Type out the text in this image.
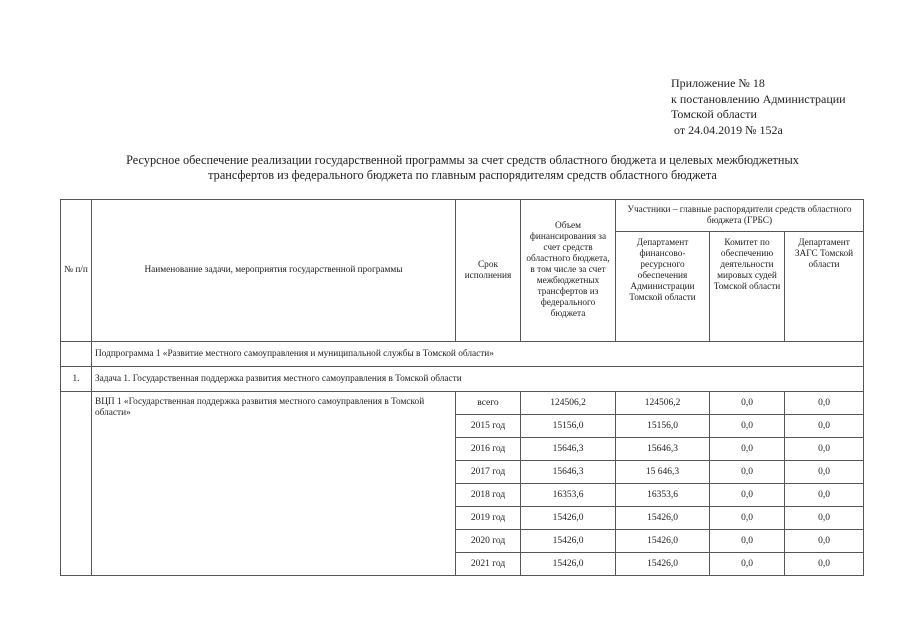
Приложение № 18
к постановлению Администрации
Томской области
от 24.04.2019 № 152а
Ресурсное обеспечение реализации государственной программы за счет средств областного бюджета и целевых межбюджетных
трансфертов из федерального бюджета по главным распорядителям средств областного бюджета
№ п/п	Наименование задачи, мероприятия государственной программы	Срок исполнения	Объем финансирования за счет средств областного бюджета, в том числе за счет межбюджетных трансфертов из федерального бюджета	Участники – главные распорядители средств областного бюджета (ГРБС)		
				Департамент финансово-ресурсного обеспечения Администрации Томской области	Комитет по обеспечению деятельности мировых судей Томской области	Департамент ЗАГС Томской области
	Подпрограмма 1 «Развитие местного самоуправления и муниципальной службы в Томской области»					
1.	Задача 1. Государственная поддержка развития местного самоуправления в Томской области					
	ВЦП 1 «Государственная поддержка развития местного самоуправления в Томской области»	всего	124506,2	124506,2	0,0	0,0
		2015 год	15156,0	15156,0	0,0	0,0
		2016 год	15646,3	15646,3	0,0	0,0
		2017 год	15646,3	15 646,3	0,0	0,0
		2018 год	16353,6	16353,6	0,0	0,0
		2019 год	15426,0	15426,0	0,0	0,0
		2020 год	15426,0	15426,0	0,0	0,0
		2021 год	15426,0	15426,0	0,0	0,0
